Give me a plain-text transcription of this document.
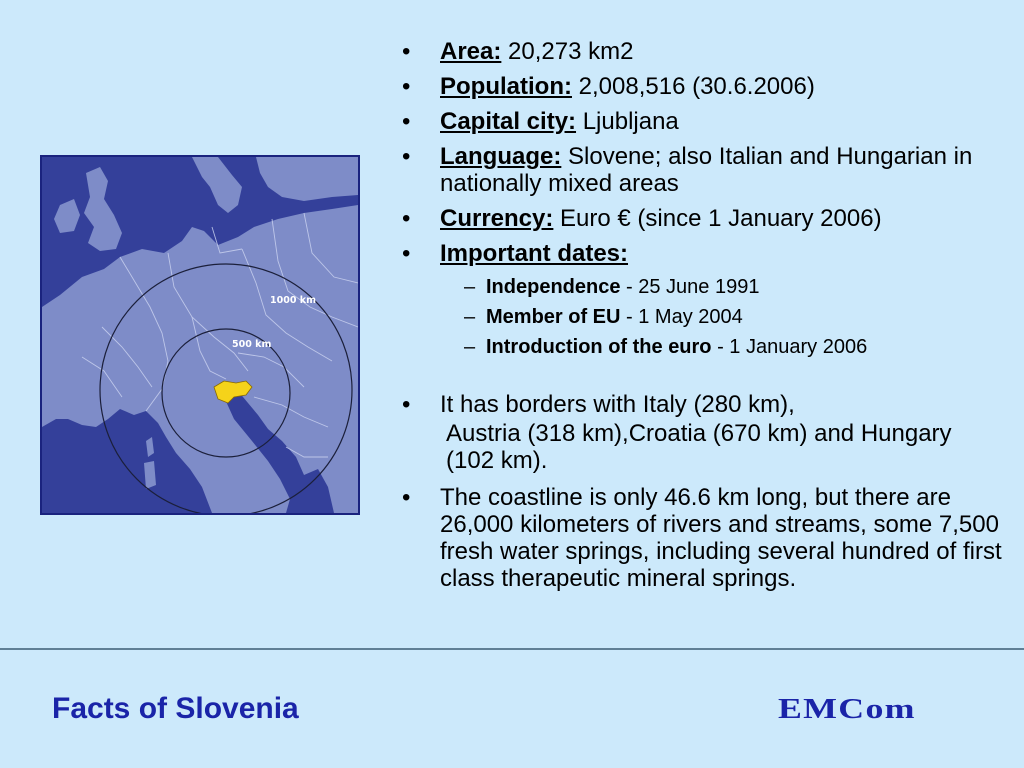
1000 km
500 km
•	Area: 20,273 km2
•	Population: 2,008,516 (30.6.2006)
•	Capital city: Ljubljana
•	Language: Slovene; also Italian and Hungarian in nationally mixed areas
•	Currency: Euro € (since 1 January 2006)
•	Important dates:
– Independence - 25 June 1991
– Member of EU - 1 May 2004
– Introduction of the euro - 1 January 2006
•	It has borders with Italy (280 km),
Austria (318 km),Croatia (670 km) and Hungary (102 km).
•	The coastline is only 46.6 km long, but there are 26,000 kilometers of rivers and streams, some 7,500 fresh water springs, including several hundred of first class therapeutic mineral springs.
Facts of Slovenia	EMCom
